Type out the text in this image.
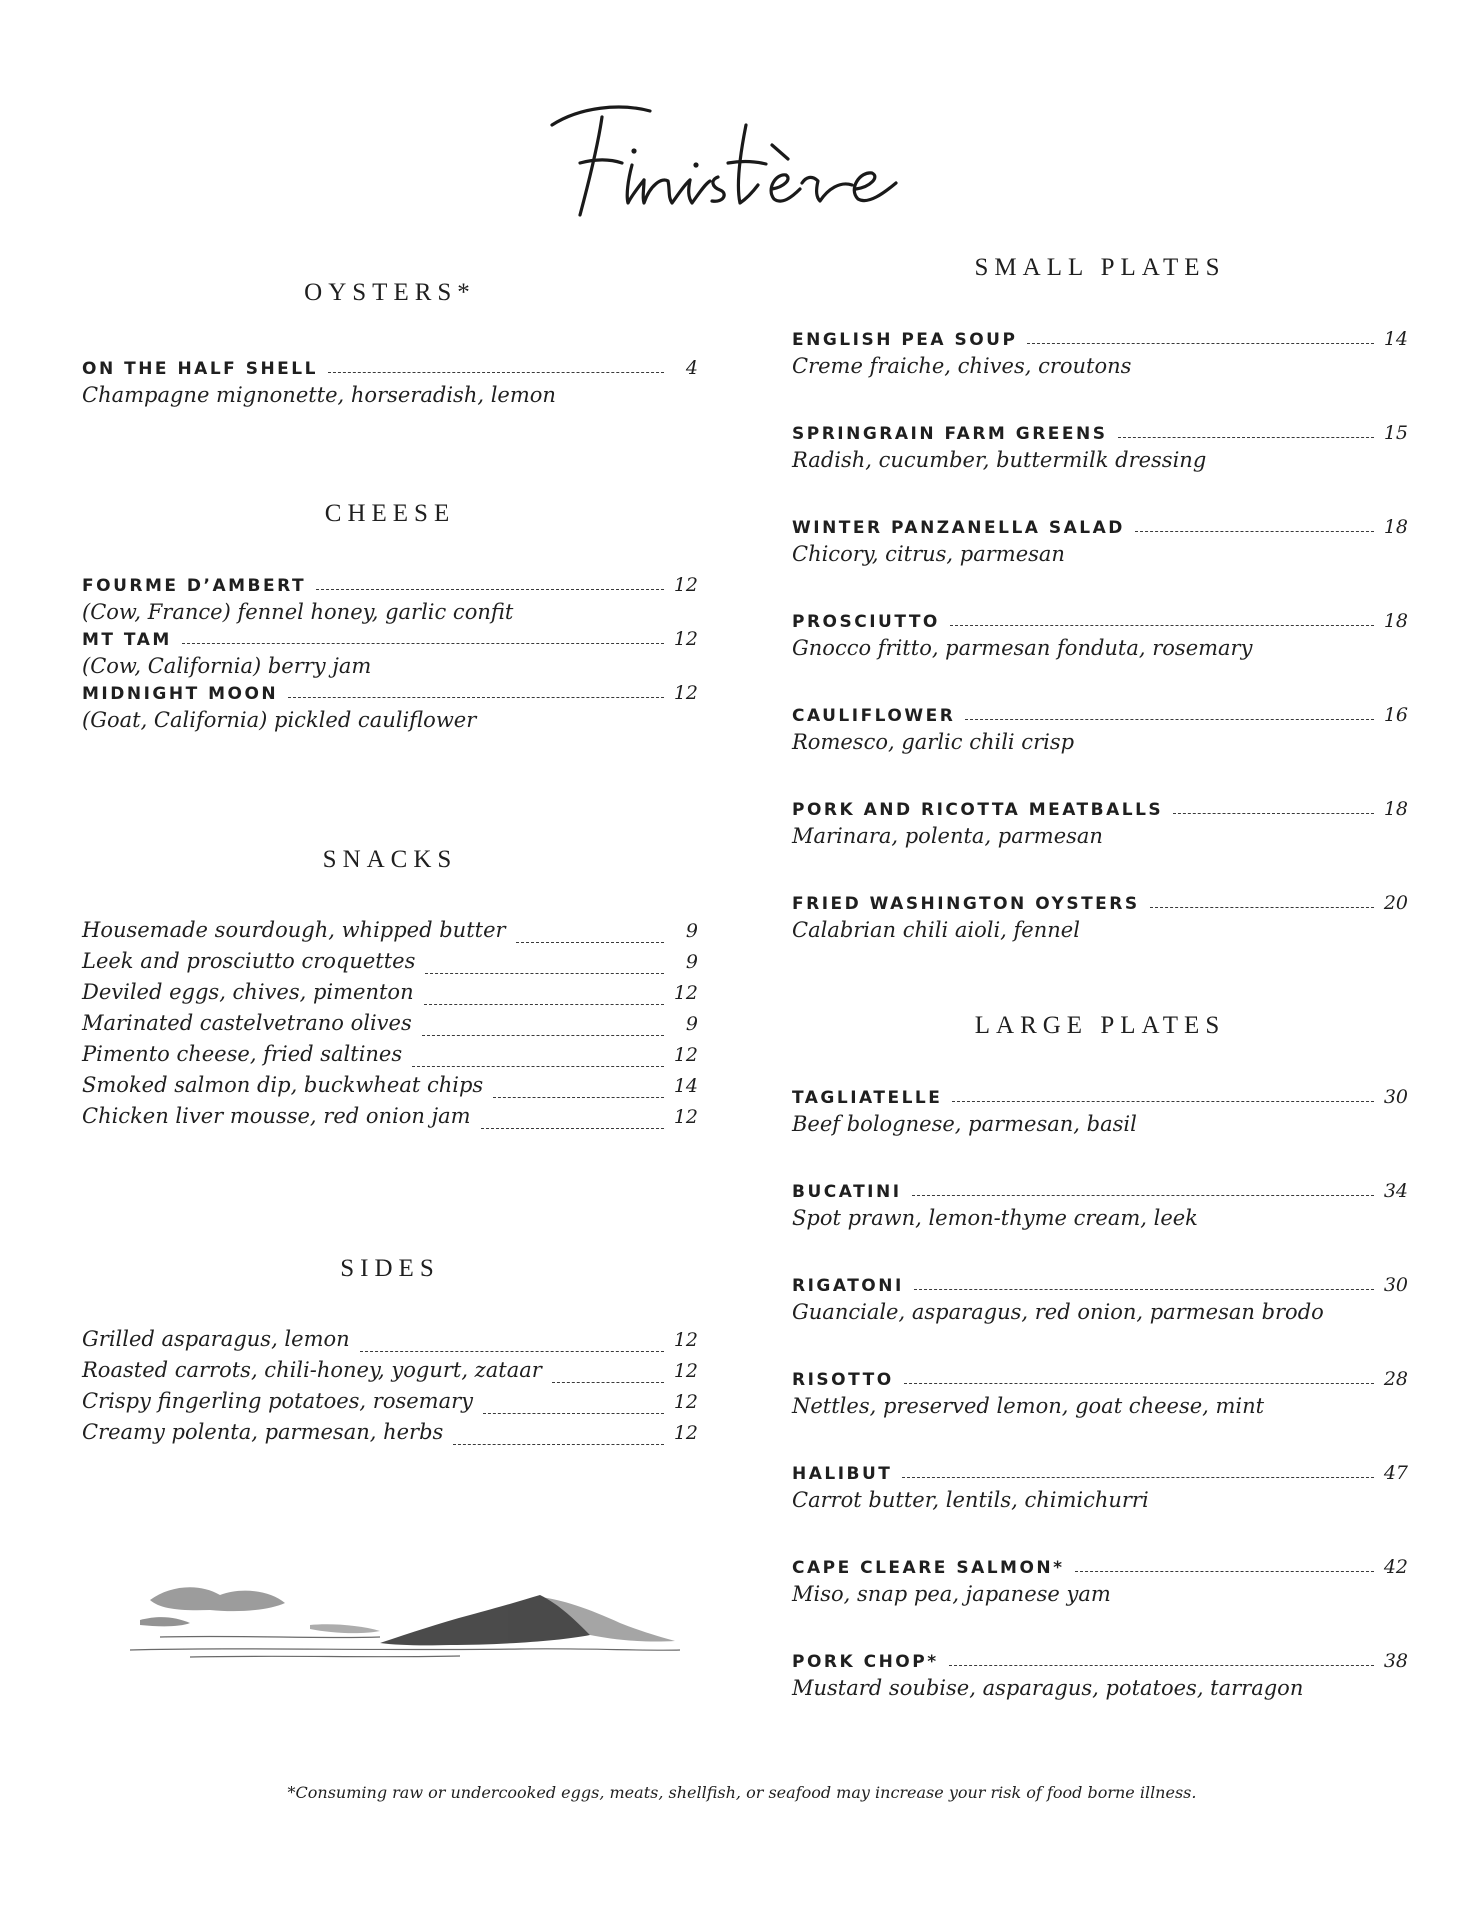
OYSTERS*
ON THE HALF SHELL	4
Champagne mignonette, horseradish, lemon
CHEESE
FOURME D’AMBERT	12
(Cow, France) fennel honey, garlic confit
MT TAM	12
(Cow, California) berry jam
MIDNIGHT MOON	12
(Goat, California) pickled cauliflower
SNACKS
Housemade sourdough, whipped butter	9
Leek and prosciutto croquettes	9
Deviled eggs, chives, pimenton	12
Marinated castelvetrano olives	9
Pimento cheese, fried saltines	12
Smoked salmon dip, buckwheat chips	14
Chicken liver mousse, red onion jam	12
SIDES
Grilled asparagus, lemon	12
Roasted carrots, chili-honey, yogurt, zataar	12
Crispy fingerling potatoes, rosemary	12
Creamy polenta, parmesan, herbs	12
SMALL PLATES
ENGLISH PEA SOUP	14
Creme fraiche, chives, croutons
SPRINGRAIN FARM GREENS	15
Radish, cucumber, buttermilk dressing
WINTER PANZANELLA SALAD	18
Chicory, citrus, parmesan
PROSCIUTTO	18
Gnocco fritto, parmesan fonduta, rosemary
CAULIFLOWER	16
Romesco, garlic chili crisp
PORK AND RICOTTA MEATBALLS	18
Marinara, polenta, parmesan
FRIED WASHINGTON OYSTERS	20
Calabrian chili aioli, fennel
LARGE PLATES
TAGLIATELLE	30
Beef bolognese, parmesan, basil
BUCATINI	34
Spot prawn, lemon-thyme cream, leek
RIGATONI	30
Guanciale, asparagus, red onion, parmesan brodo
RISOTTO	28
Nettles, preserved lemon, goat cheese, mint
HALIBUT	47
Carrot butter, lentils, chimichurri
CAPE CLEARE SALMON*	42
Miso, snap pea, japanese yam
PORK CHOP*	38
Mustard soubise, asparagus, potatoes, tarragon
*Consuming raw or undercooked eggs, meats, shellfish, or seafood may increase your risk of food borne illness.
